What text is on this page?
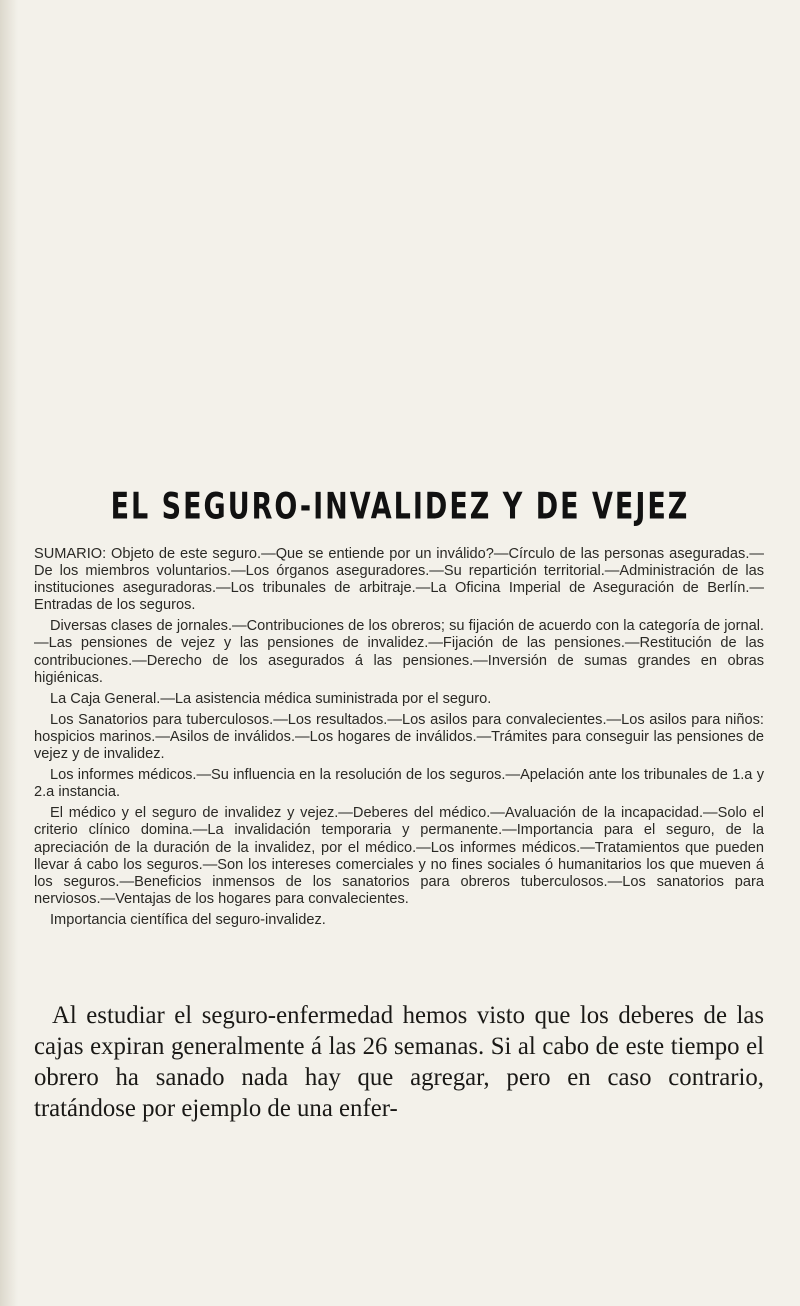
EL SEGURO-INVALIDEZ Y DE VEJEZ

SUMARIO: Objeto de este seguro.—Que se entiende por un inválido?—Círculo de las personas aseguradas.—De los miembros voluntarios.—Los órganos aseguradores.—Su repartición territorial.—Administración de las instituciones aseguradoras.—Los tribunales de arbitraje.—La Oficina Imperial de Aseguración de Berlín.—Entradas de los seguros.

Diversas clases de jornales.—Contribuciones de los obreros; su fijación de acuerdo con la categoría de jornal.—Las pensiones de vejez y las pensiones de invalidez.—Fijación de las pensiones.—Restitución de las contribuciones.—Derecho de los asegurados á las pensiones.—Inversión de sumas grandes en obras higiénicas.

La Caja General.—La asistencia médica suministrada por el seguro.

Los Sanatorios para tuberculosos.—Los resultados.—Los asilos para convalecientes.—Los asilos para niños: hospicios marinos.—Asilos de inválidos.—Los hogares de inválidos.—Trámites para conseguir las pensiones de vejez y de invalidez.

Los informes médicos.—Su influencia en la resolución de los seguros.—Apelación ante los tribunales de 1.a y 2.a instancia.

El médico y el seguro de invalidez y vejez.—Deberes del médico.—Avaluación de la incapacidad.—Solo el criterio clínico domina.—La invalidación temporaria y permanente.—Importancia para el seguro, de la apreciación de la duración de la invalidez, por el médico.—Los informes médicos.—Tratamientos que pueden llevar á cabo los seguros.—Son los intereses comerciales y no fines sociales ó humanitarios los que mueven á los seguros.—Beneficios inmensos de los sanatorios para obreros tuberculosos.—Los sanatorios para nerviosos.—Ventajas de los hogares para convalecientes.

Importancia científica del seguro-invalidez.

Al estudiar el seguro-enfermedad hemos visto que los deberes de las cajas expiran generalmente á las 26 semanas. Si al cabo de este tiempo el obrero ha sanado nada hay que agregar, pero en caso contrario, tratándose por ejemplo de una enfer-
